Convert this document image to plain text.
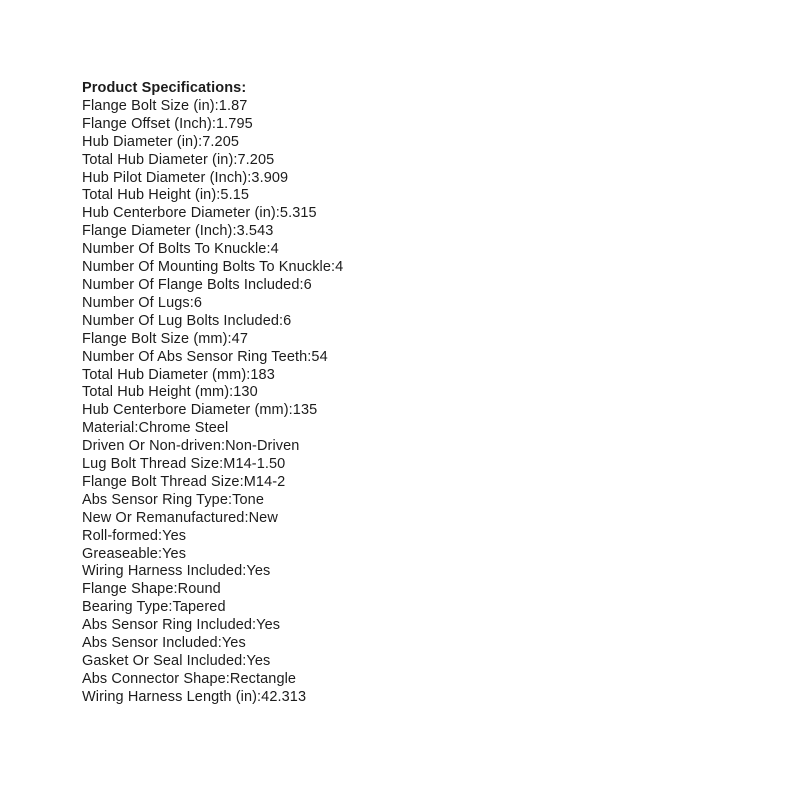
Product Specifications:
Flange Bolt Size (in):1.87
Flange Offset (Inch):1.795
Hub Diameter (in):7.205
Total Hub Diameter (in):7.205
Hub Pilot Diameter (Inch):3.909
Total Hub Height (in):5.15
Hub Centerbore Diameter (in):5.315
Flange Diameter (Inch):3.543
Number Of Bolts To Knuckle:4
Number Of Mounting Bolts To Knuckle:4
Number Of Flange Bolts Included:6
Number Of Lugs:6
Number Of Lug Bolts Included:6
Flange Bolt Size (mm):47
Number Of Abs Sensor Ring Teeth:54
Total Hub Diameter (mm):183
Total Hub Height (mm):130
Hub Centerbore Diameter (mm):135
Material:Chrome Steel
Driven Or Non-driven:Non-Driven
Lug Bolt Thread Size:M14-1.50
Flange Bolt Thread Size:M14-2
Abs Sensor Ring Type:Tone
New Or Remanufactured:New
Roll-formed:Yes
Greaseable:Yes
Wiring Harness Included:Yes
Flange Shape:Round
Bearing Type:Tapered
Abs Sensor Ring Included:Yes
Abs Sensor Included:Yes
Gasket Or Seal Included:Yes
Abs Connector Shape:Rectangle
Wiring Harness Length (in):42.313
